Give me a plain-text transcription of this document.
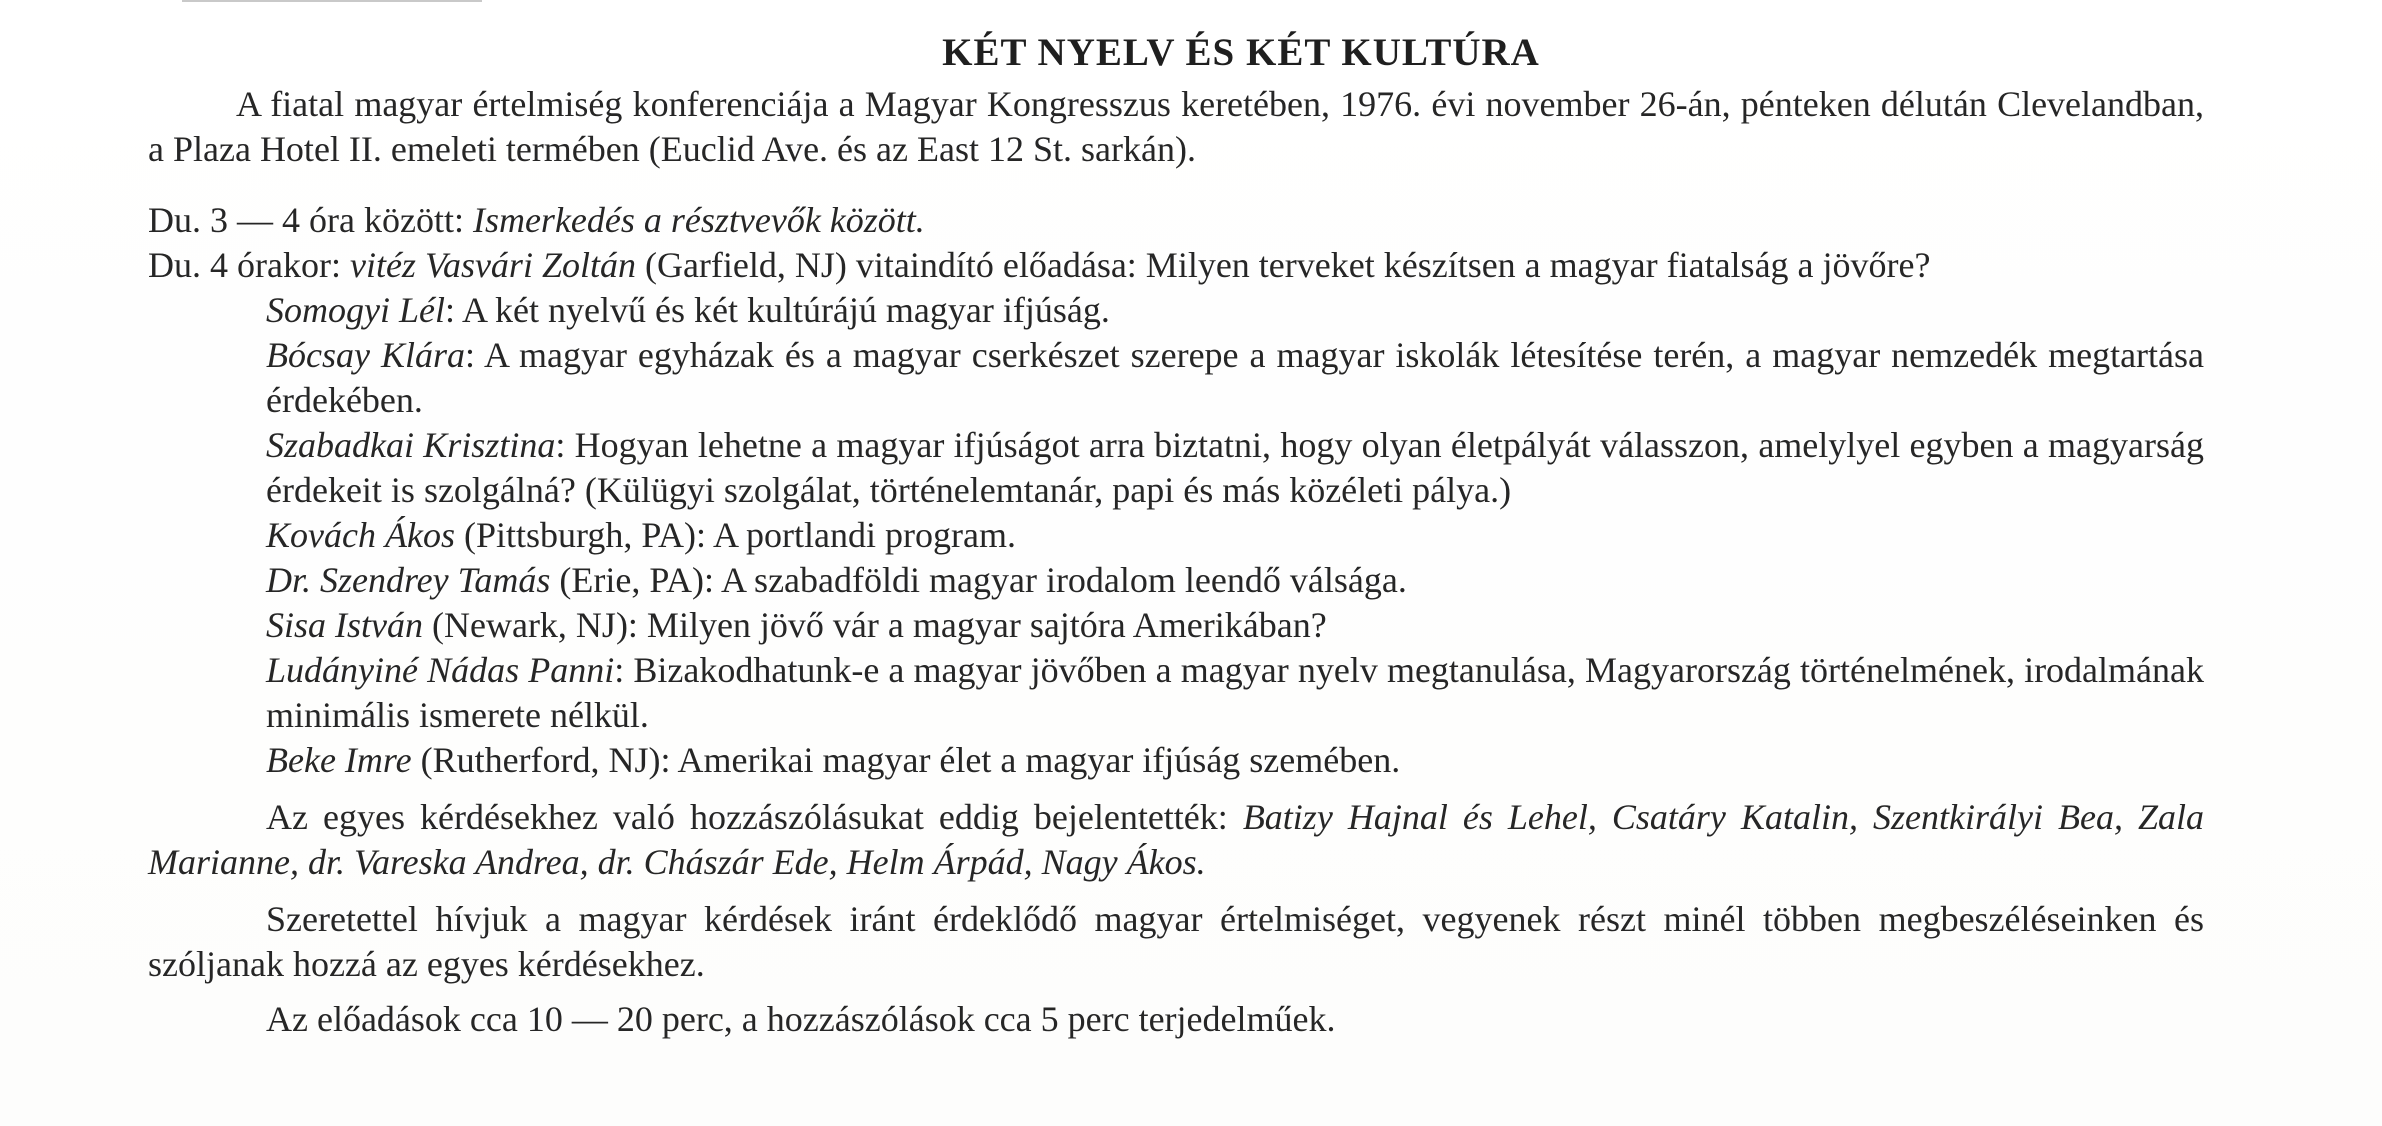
KÉT NYELV ÉS KÉT KULTÚRA

A fiatal magyar értelmiség konferenciája a Magyar Kongresszus keretében, 1976. évi november 26-án, pénteken délután Clevelandban, a Plaza Hotel II. emeleti termében (Euclid Ave. és az East 12 St. sarkán).

Du. 3 — 4 óra között: Ismerkedés a résztvevők között.

Du. 4 órakor: vitéz Vasvári Zoltán (Garfield, NJ) vitaindító előadása: Milyen terveket készítsen a magyar fiatalság a jövőre?

Somogyi Lél: A két nyelvű és két kultúrájú magyar ifjúság.

Bócsay Klára: A magyar egyházak és a magyar cserkészet szerepe a magyar iskolák létesítése terén, a magyar nemzedék megtartása érdekében.

Szabadkai Krisztina: Hogyan lehetne a magyar ifjúságot arra biztatni, hogy olyan életpályát válasszon, amelylyel egyben a magyarság érdekeit is szolgálná? (Külügyi szolgálat, történelemtanár, papi és más közéleti pálya.)

Kovách Ákos (Pittsburgh, PA): A portlandi program.

Dr. Szendrey Tamás (Erie, PA): A szabadföldi magyar irodalom leendő válsága.

Sisa István (Newark, NJ): Milyen jövő vár a magyar sajtóra Amerikában?

Ludányiné Nádas Panni: Bizakodhatunk-e a magyar jövőben a magyar nyelv megtanulása, Magyarország történelmének, irodalmának minimális ismerete nélkül.

Beke Imre (Rutherford, NJ): Amerikai magyar élet a magyar ifjúság szemében.

Az egyes kérdésekhez való hozzászólásukat eddig bejelentették: Batizy Hajnal és Lehel, Csatáry Katalin, Szentkirályi Bea, Zala Marianne, dr. Vareska Andrea, dr. Chászár Ede, Helm Árpád, Nagy Ákos.

Szeretettel hívjuk a magyar kérdések iránt érdeklődő magyar értelmiséget, vegyenek részt minél többen megbeszéléseinken és szóljanak hozzá az egyes kérdésekhez.

Az előadások cca 10 — 20 perc, a hozzászólások cca 5 perc terjedelműek.
